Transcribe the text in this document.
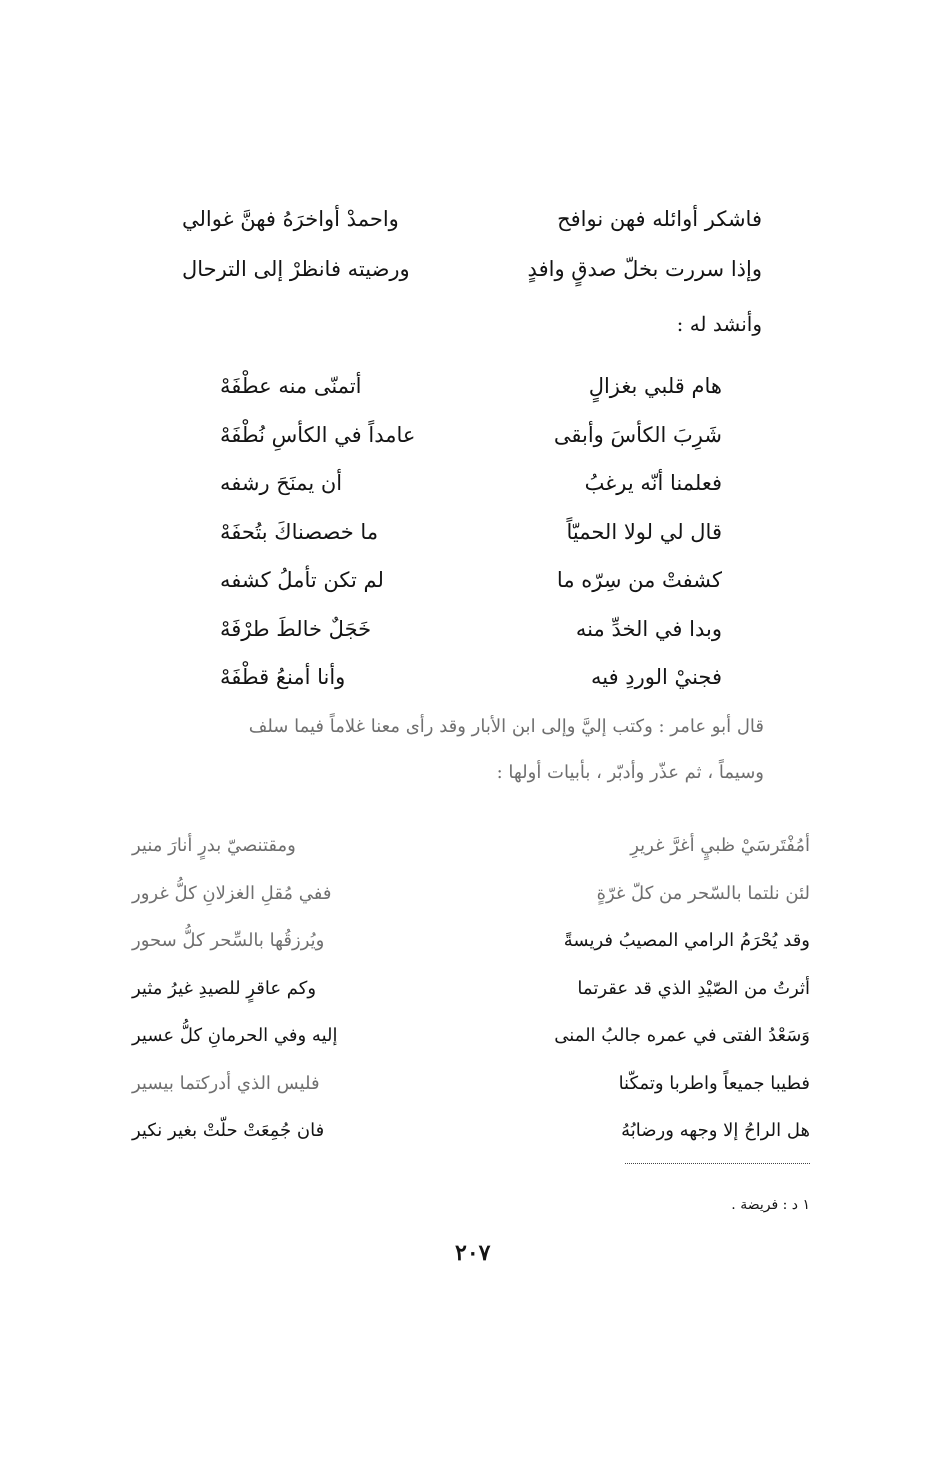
فاشكر أوائله فهن نوافح
واحمدْ أواخرَهُ فهنَّ غوالي
وإذا سررت بخلّ صدقٍ وافدٍ
ورضيته فانظرْ إلى الترحال
وأنشد له :
هام قلبي بغزالٍ
أتمنّى منه عطْفَهْ
شَرِبَ الكأسَ وأبقى
عامداً في الكأسِ نُطْفَهْ
فعلمنا أنّه يرغبُ
أن يمنَحَ رشفه
قال لي لولا الحميّاً
ما خصصناكَ بتُحفَهْ
كشفتْ من سِرّه ما
لم تكن تأملُ كشفه
وبدا في الخدِّ منه
خَجَلٌ خالطَ طرْفَهْ
فجنيْ الوردِ فيه
وأنا أمنعُ قطْفَهْ
قال أبو عامر : وكتب إليَّ وإلى ابن الأبار وقد رأى معنا غلاماً فيما سلف
وسيماً ، ثم عذّر وأدبّر ، بأبيات أولها :
أمُفْتَرسَيْ ظبيٍ أغرَّ غريرِ
ومقتنصيّ بدرٍ أنارَ منير
لئن نلتما بالسّحر من كلّ غرّةٍ
ففي مُقلِ الغزلانِ كلُّ غرور
وقد يُحْرَمُ الرامي المصيبُ فريسةً
ويُرزقُها بالسِّحر كلُّ سحور
أثرتُ من الصّيْدِ الذي قد عقرتما
وكم عاقرٍ للصيدِ غيرُ مثير
وَسَعْدُ الفتى في عمره جالبُ المنى
إليه وفي الحرمانِ كلُّ عسير
فطيبا جميعاً واطربا وتمكّنا
فليس الذي أدركتما بيسير
هل الراحُ إلا وجهه ورضابُهُ
فان جُمِعَتْ حلّتْ بغير نكير
١ د : فريضة .
٢٠٧
